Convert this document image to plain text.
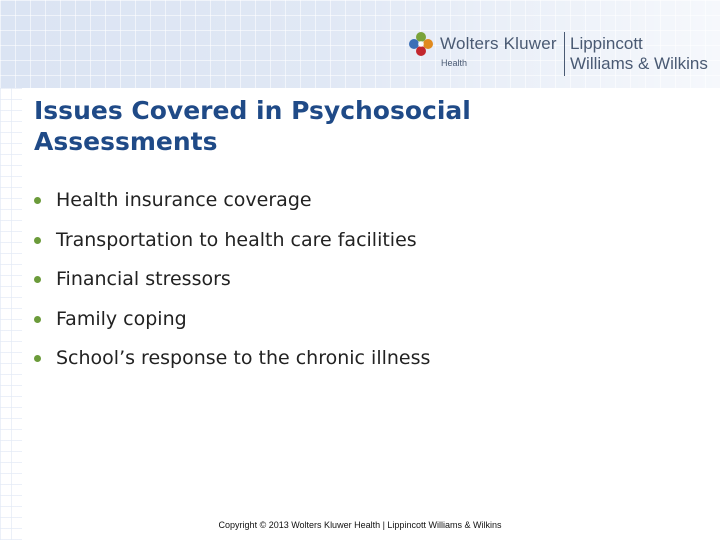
Wolters Kluwer
Health
Lippincott
Williams & Wilkins
Issues Covered in Psychosocial Assessments
Health insurance coverage
Transportation to health care facilities
Financial stressors
Family coping
School’s response to the chronic illness
Copyright © 2013 Wolters Kluwer Health | Lippincott Williams & Wilkins
